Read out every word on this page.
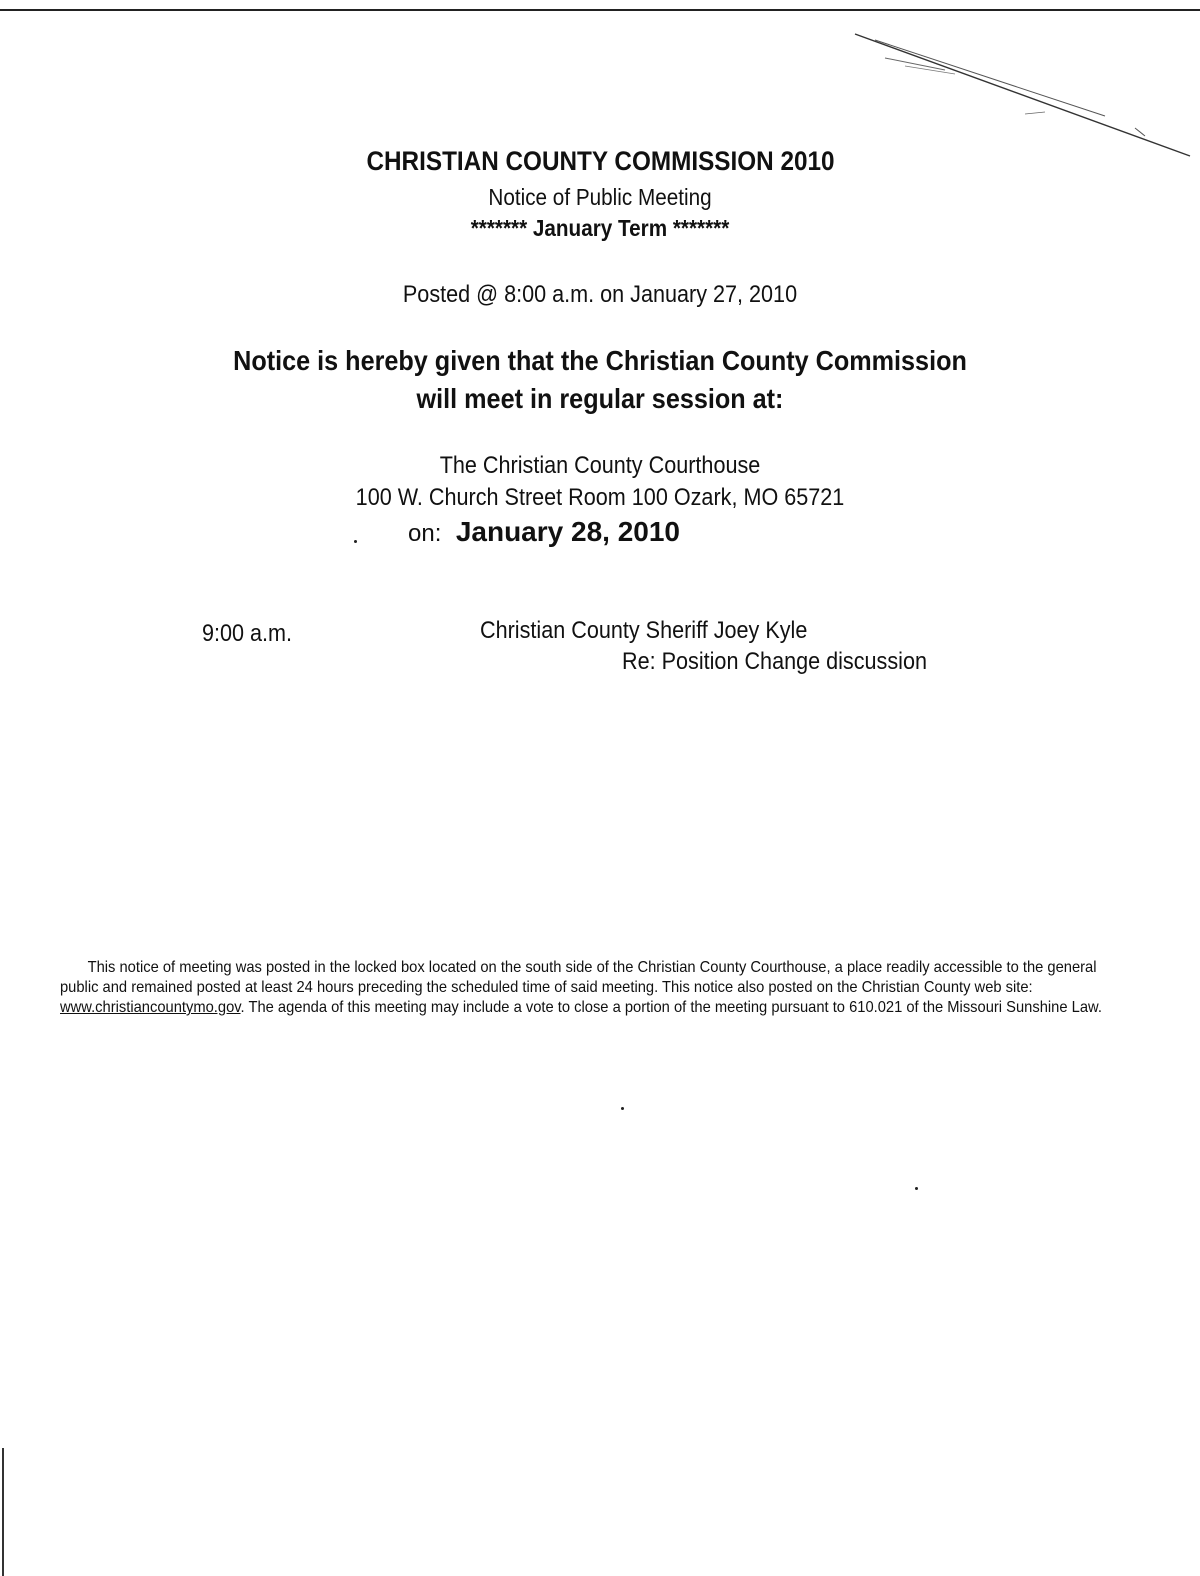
CHRISTIAN COUNTY COMMISSION 2010
Notice of Public Meeting
******* January Term *******
Posted @ 8:00 a.m. on January 27, 2010
Notice is hereby given that the Christian County Commission
will meet in regular session at:
The Christian County Courthouse
100 W. Church Street Room 100 Ozark, MO 65721
on: January 28, 2010
9:00 a.m.	Christian County Sheriff Joey Kyle
Re: Position Change discussion
This notice of meeting was posted in the locked box located on the south side of the Christian County Courthouse, a place readily accessible to the general public and remained posted at least 24 hours preceding the scheduled time of said meeting. This notice also posted on the Christian County web site: www.christiancountymo.gov. The agenda of this meeting may include a vote to close a portion of the meeting pursuant to 610.021 of the Missouri Sunshine Law.
